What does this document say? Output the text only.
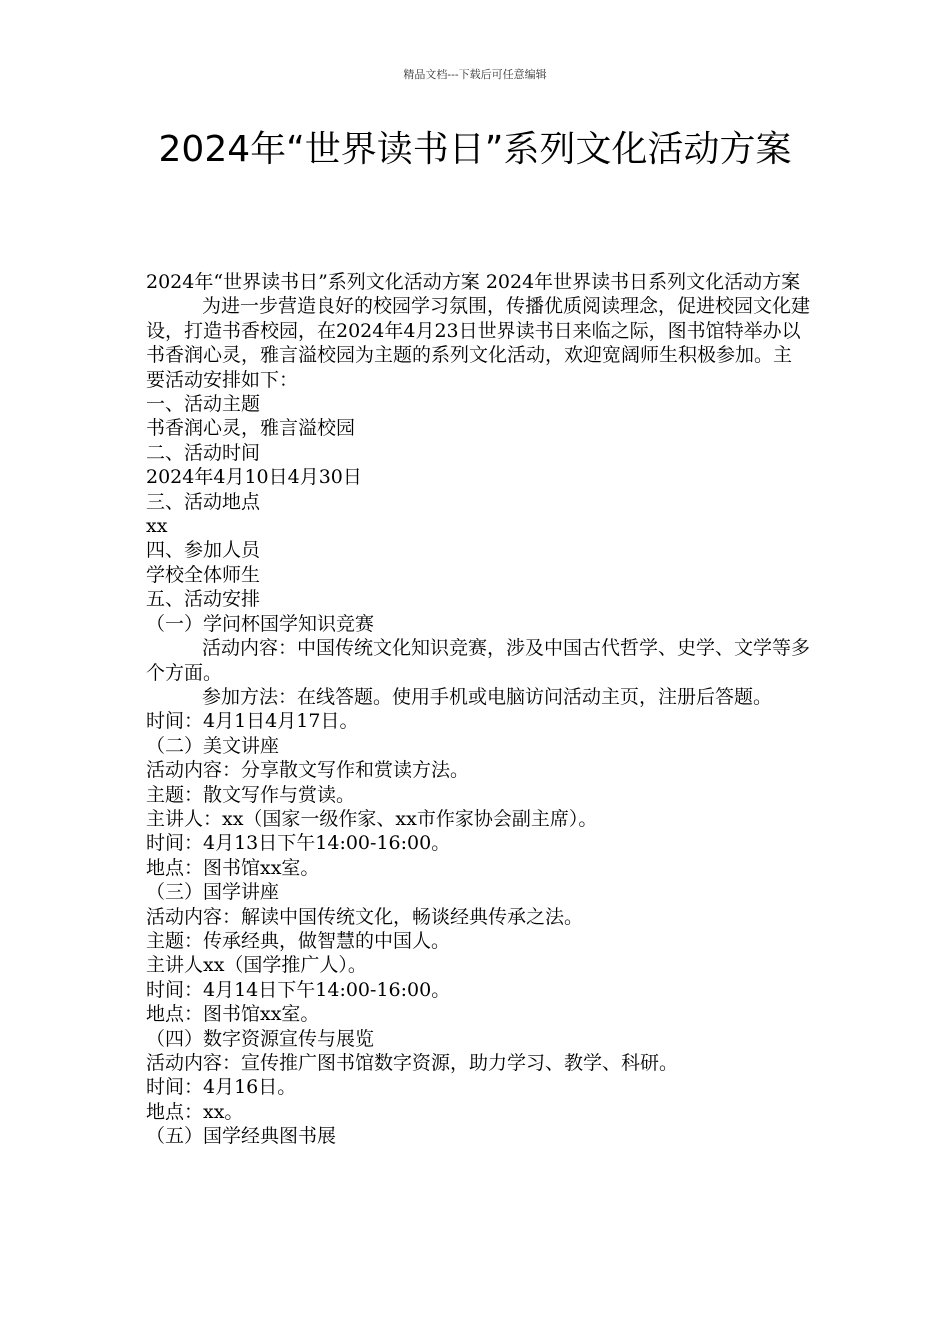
精品文档---下载后可任意编辑
2024年“世界读书日”系列文化活动方案

2024年“世界读书日”系列文化活动方案 2024年世界读书日系列文化活动方案

为进一步营造良好的校园学习氛围，传播优质阅读理念，促进校园文化建设，打造书香校园，在2024年4月23日世界读书日来临之际，图书馆特举办以书香润心灵，雅言溢校园为主题的系列文化活动，欢迎宽阔师生积极参加。主要活动安排如下：

一、活动主题

书香润心灵，雅言溢校园

二、活动时间

2024年4月10日4月30日

三、活动地点

xx

四、参加人员

学校全体师生

五、活动安排

（一）学问杯国学知识竞赛

活动内容：中国传统文化知识竞赛，涉及中国古代哲学、史学、文学等多个方面。

参加方法：在线答题。使用手机或电脑访问活动主页，注册后答题。

时间：4月1日4月17日。

（二）美文讲座

活动内容：分享散文写作和赏读方法。

主题：散文写作与赏读。

主讲人：xx（国家一级作家、xx市作家协会副主席）。

时间：4月13日下午14:00-16:00。

地点：图书馆xx室。

（三）国学讲座

活动内容：解读中国传统文化，畅谈经典传承之法。

主题：传承经典，做智慧的中国人。

主讲人xx（国学推广人）。

时间：4月14日下午14:00-16:00。

地点：图书馆xx室。

（四）数字资源宣传与展览

活动内容：宣传推广图书馆数字资源，助力学习、教学、科研。

时间：4月16日。

地点：xx。

（五）国学经典图书展
